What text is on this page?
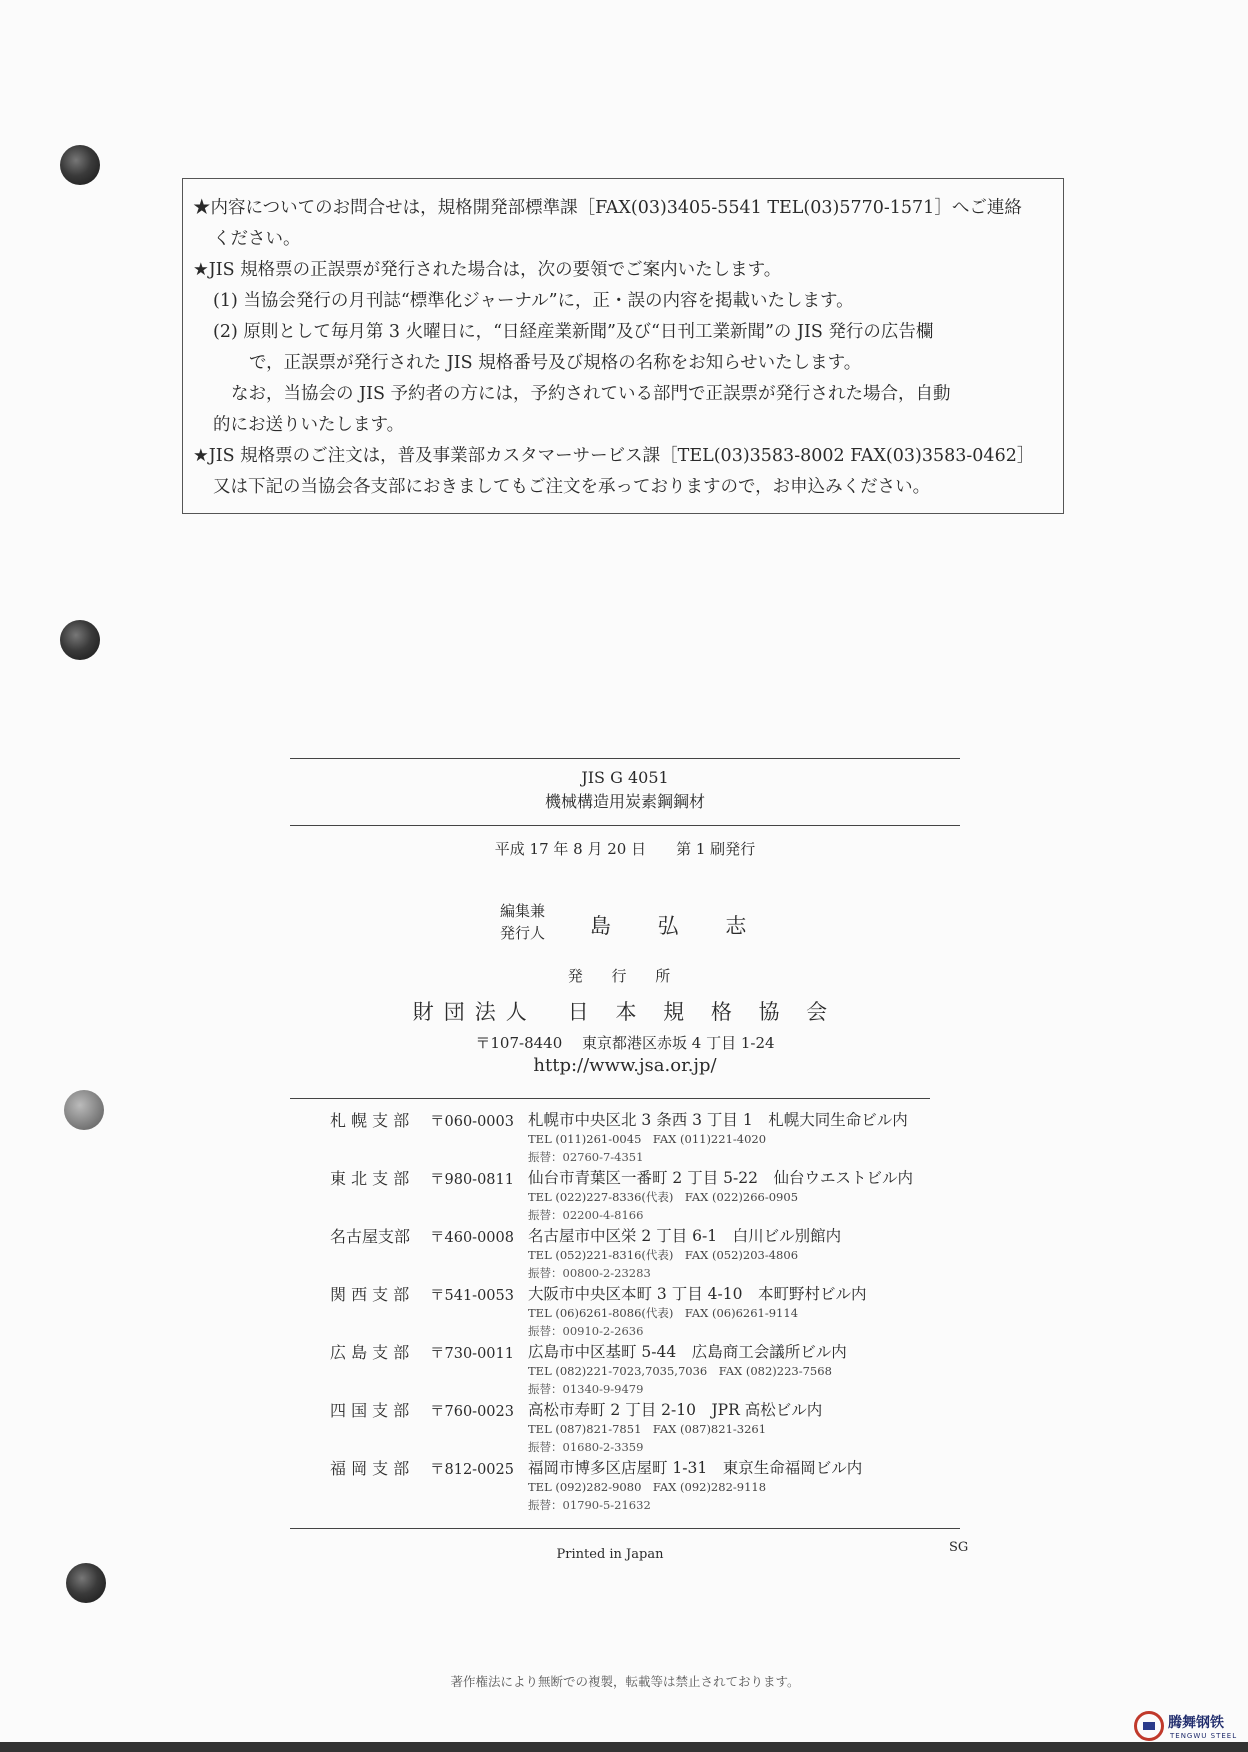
★内容についてのお問合せは，規格開発部標準課［FAX(03)3405-5541 TEL(03)5770-1571］へご連絡

ください。

★JIS 規格票の正誤票が発行された場合は，次の要領でご案内いたします。

(1) 当協会発行の月刊誌“標準化ジャーナル”に，正・誤の内容を掲載いたします。

(2) 原則として毎月第 3 火曜日に，“日経産業新聞”及び“日刊工業新聞”の JIS 発行の広告欄

で，正誤票が発行された JIS 規格番号及び規格の名称をお知らせいたします。

なお，当協会の JIS 予約者の方には，予約されている部門で正誤票が発行された場合，自動

的にお送りいたします。

★JIS 規格票のご注文は，普及事業部カスタマーサービス課［TEL(03)3583-8002 FAX(03)3583-0462］

又は下記の当協会各支部におきましてもご注文を承っておりますので，お申込みください。

JIS G 4051
機械構造用炭素鋼鋼材
平成 17 年 8 月 20 日　　第 1 刷発行
編集兼
発行人 島 弘 志
発 行 所
財団法人　日 本 規 格 協 会
〒107-8440　 東京都港区赤坂 4 丁目 1-24
http://www.jsa.or.jp/
札 幌 支 部 〒060-0003 札幌市中央区北 3 条西 3 丁目 1　札幌大同生命ビル内
TEL (011)261-0045　FAX (011)221-4020
振替：02760-7-4351
東 北 支 部 〒980-0811 仙台市青葉区一番町 2 丁目 5-22　仙台ウエストビル内
TEL (022)227-8336(代表)　FAX (022)266-0905
振替：02200-4-8166
名古屋支部 〒460-0008 名古屋市中区栄 2 丁目 6-1　白川ビル別館内
TEL (052)221-8316(代表)　FAX (052)203-4806
振替：00800-2-23283
関 西 支 部 〒541-0053 大阪市中央区本町 3 丁目 4-10　本町野村ビル内
TEL (06)6261-8086(代表)　FAX (06)6261-9114
振替：00910-2-2636
広 島 支 部 〒730-0011 広島市中区基町 5-44　広島商工会議所ビル内
TEL (082)221-7023,7035,7036　FAX (082)223-7568
振替：01340-9-9479
四 国 支 部 〒760-0023 高松市寿町 2 丁目 2-10　JPR 高松ビル内
TEL (087)821-7851　FAX (087)821-3261
振替：01680-2-3359
福 岡 支 部 〒812-0025 福岡市博多区店屋町 1-31　東京生命福岡ビル内
TEL (092)282-9080　FAX (092)282-9118
振替：01790-5-21632
Printed in Japan	SG
著作権法により無断での複製，転載等は禁止されております。
腾舞钢铁
TENGWU STEEL
